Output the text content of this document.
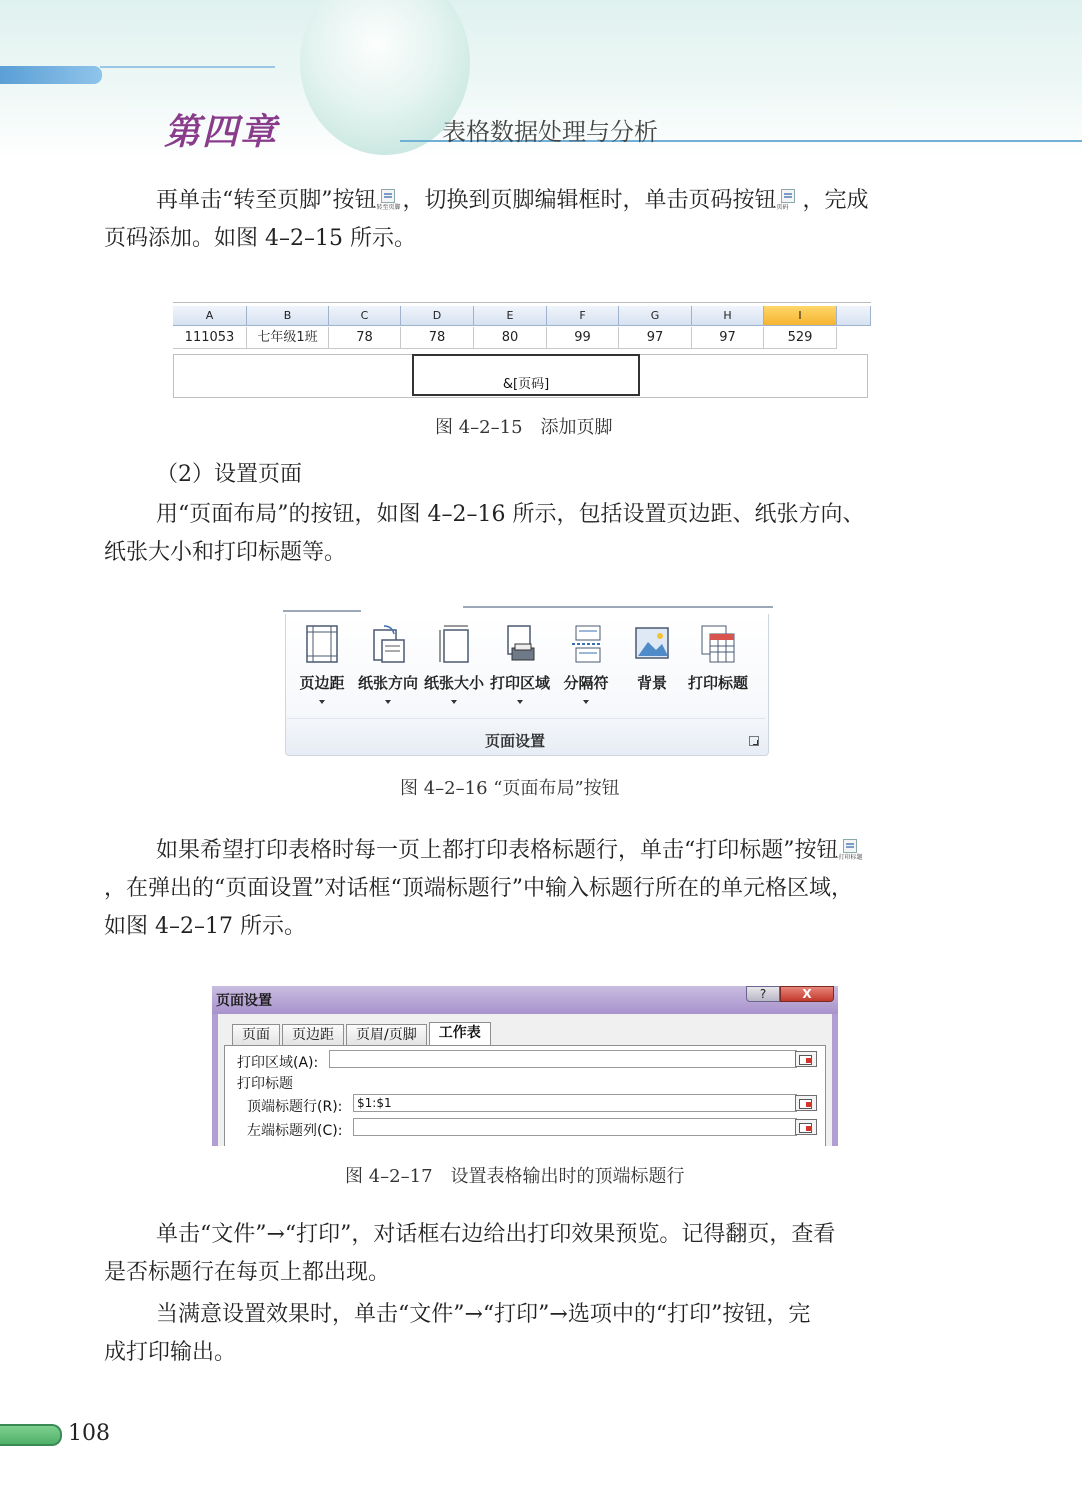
第四章	表格数据处理与分析
再单击“转至页脚”按钮 转至页脚 ，切换到页脚编辑框时，单击页码按钮 页码 ，完成
页码添加。如图 4–2–15 所示。
A	B	C	D	E	F	G	H	I
111053	七年级1班	78	78	80	99	97	97	529
&[页码]
图 4–2–15　添加页脚
（2）设置页面
用“页面布局”的按钮，如图 4–2–16 所示，包括设置页边距、纸张方向、
纸张大小和打印标题等。
页边距 纸张方向 纸张大小 打印区域 分隔符	背景	打印标题
页面设置
图 4–2–16 “页面布局”按钮
如果希望打印表格时每一页上都打印表格标题行，单击“打印标题”按钮 打印标题

，在弹出的“页面设置”对话框“顶端标题行”中输入标题行所在的单元格区域，
如图 4–2–17 所示。
页面设置	?	X
页面	页边距	页眉/页脚	工作表
打印区域(A):
打印标题
顶端标题行(R):	$1:$1
左端标题列(C):
图 4–2–17　设置表格输出时的顶端标题行
单击“文件”→“打印”，对话框右边给出打印效果预览。记得翻页，查看
是否标题行在每页上都出现。
当满意设置效果时，单击“文件”→“打印”→选项中的“打印”按钮，完
成打印输出。
108
